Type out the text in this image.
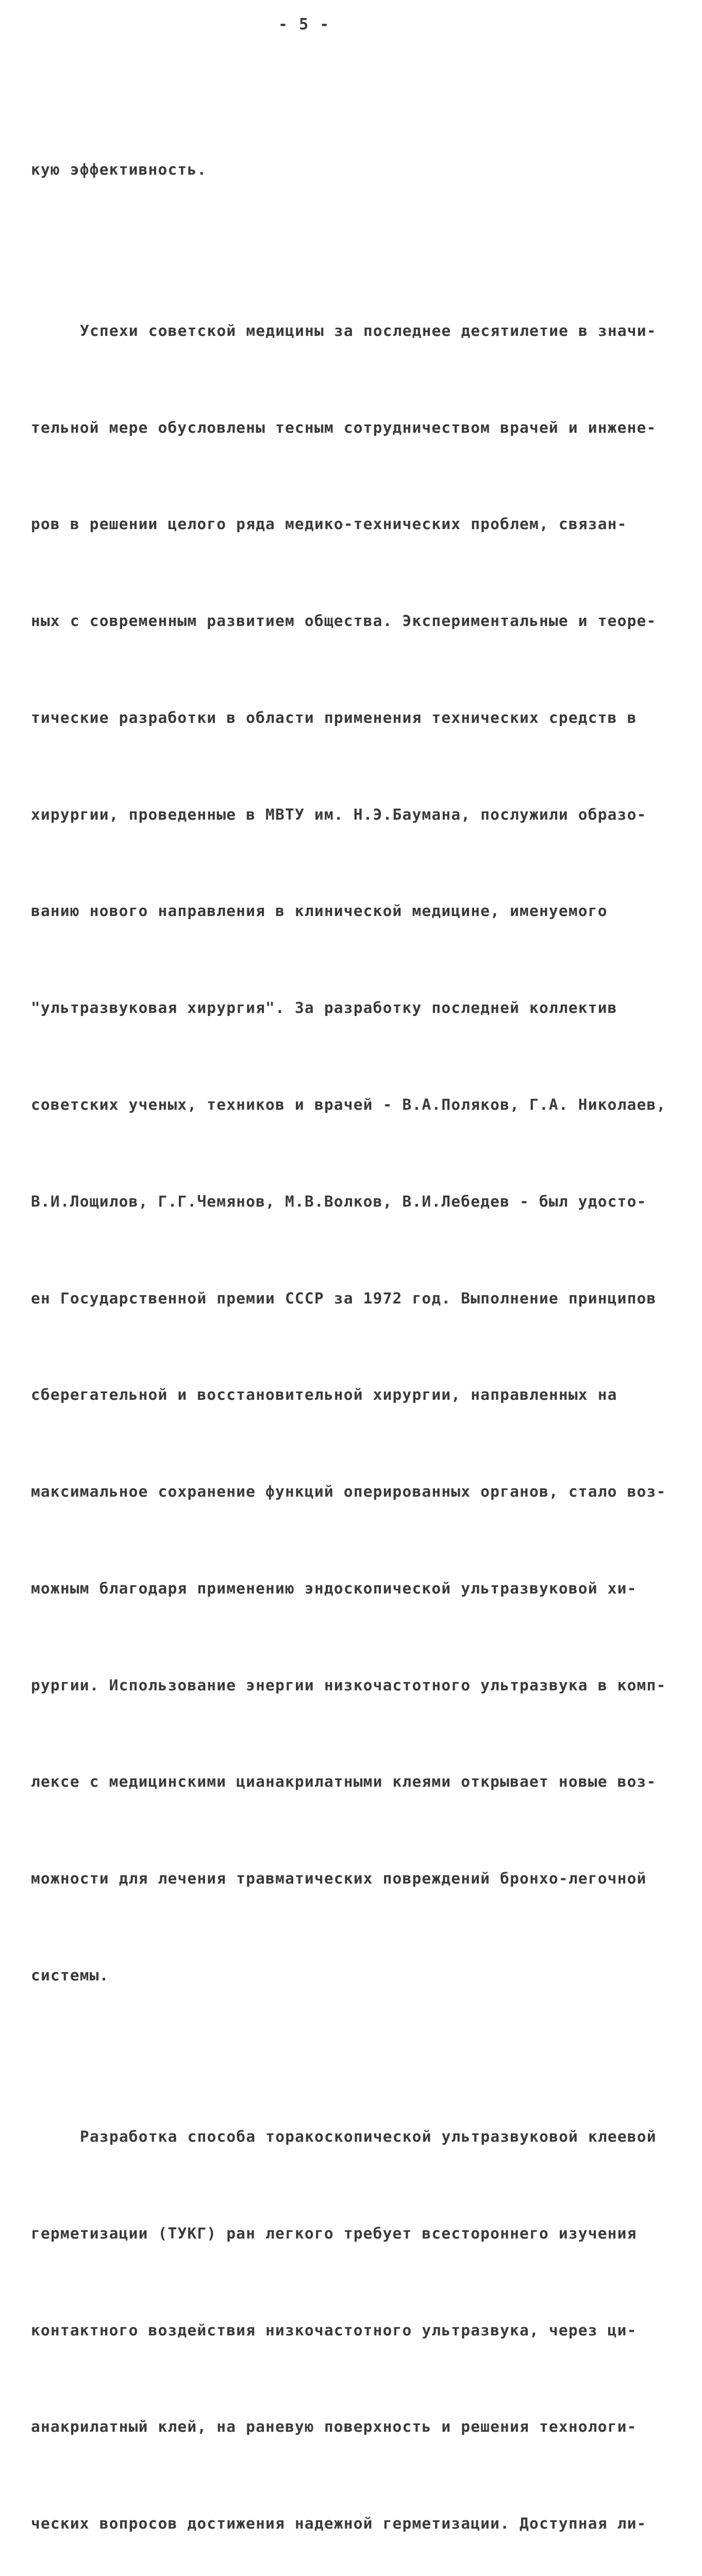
- 5 -

кую эффективность.

Успехи советской медицины за последнее десятилетие в значи-

тельной мере обусловлены тесным сотрудничеством врачей и инжене-

ров в решении целого ряда медико-технических проблем, связан-

ных с современным развитием общества. Экспериментальные и теоре-

тические разработки в области применения технических средств в

хирургии, проведенные в МВТУ им. Н.Э.Баумана, послужили образо-

ванию нового направления в клинической медицине, именуемого

"ультразвуковая хирургия". За разработку последней коллектив

советских ученых, техников и врачей - В.А.Поляков, Г.А. Николаев,

В.И.Лощилов, Г.Г.Чемянов, М.В.Волков, В.И.Лебедев - был удосто-

ен Государственной премии СССР за 1972 год. Выполнение принципов

сберегательной и восстановительной хирургии, направленных на

максимальное сохранение функций оперированных органов, стало воз-

можным благодаря применению эндоскопической ультразвуковой хи-

рургии. Использование энергии низкочастотного ультразвука в комп-

лексе с медицинскими цианакрилатными клеями открывает новые воз-

можности для лечения травматических повреждений бронхо-легочной

системы.

Разработка способа торакоскопической ультразвуковой клеевой

герметизации (ТУКГ) ран легкого требует всестороннего изучения

контактного воздействия низкочастотного ультразвука, через ци-

анакрилатный клей, на раневую поверхность и решения технологи-

ческих вопросов достижения надежной герметизации. Доступная ли-
